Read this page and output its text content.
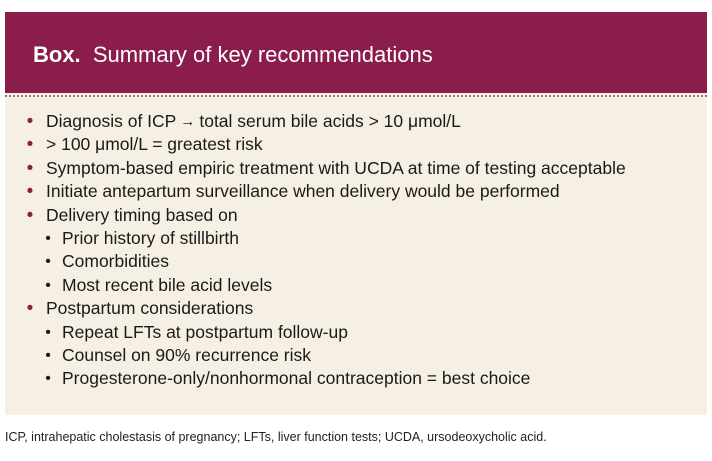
Box. Summary of key recommendations
• Diagnosis of ICP → total serum bile acids > 10 μmol/L
• > 100 μmol/L = greatest risk
• Symptom-based empiric treatment with UCDA at time of testing acceptable
• Initiate antepartum surveillance when delivery would be performed
• Delivery timing based on
• Prior history of stillbirth
• Comorbidities
• Most recent bile acid levels
• Postpartum considerations
• Repeat LFTs at postpartum follow-up
• Counsel on 90% recurrence risk
• Progesterone-only/nonhormonal contraception = best choice
ICP, intrahepatic cholestasis of pregnancy; LFTs, liver function tests; UCDA, ursodeoxycholic acid.
